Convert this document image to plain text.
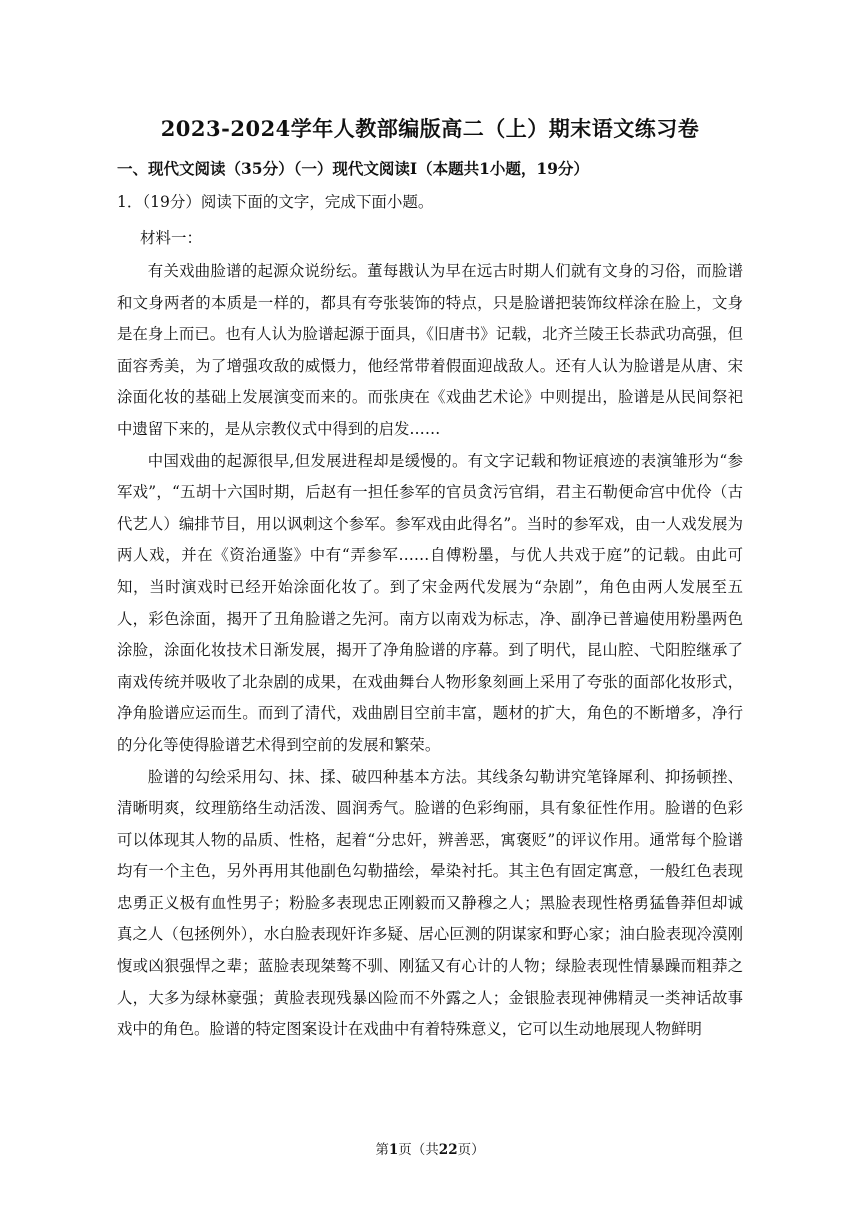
2023-2024学年人教部编版高二（上）期末语文练习卷
一、现代文阅读（35分）（一）现代文阅读Ⅰ（本题共1小题，19分）
1．（19分）阅读下面的文字，完成下面小题。
材料一：

有关戏曲脸谱的起源众说纷纭。董每戡认为早在远古时期人们就有文身的习俗，而脸谱和文身两者的本质是一样的，都具有夸张装饰的特点，只是脸谱把装饰纹样涂在脸上，文身是在身上而已。也有人认为脸谱起源于面具，《旧唐书》记载，北齐兰陵王长恭武功高强，但面容秀美，为了增强攻敌的威慑力，他经常带着假面迎战敌人。还有人认为脸谱是从唐、宋涂面化妆的基础上发展演变而来的。而张庚在《戏曲艺术论》中则提出，脸谱是从民间祭祀中遗留下来的，是从宗教仪式中得到的启发……

中国戏曲的起源很早,但发展进程却是缓慢的。有文字记载和物证痕迹的表演雏形为“参军戏”，“五胡十六国时期，后赵有一担任参军的官员贪污官绢，君主石勒便命宫中优伶（古代艺人）编排节目，用以讽刺这个参军。参军戏由此得名”。当时的参军戏，由一人戏发展为两人戏，并在《资治通鉴》中有“弄参军……自傅粉墨，与优人共戏于庭”的记载。由此可知，当时演戏时已经开始涂面化妆了。到了宋金两代发展为“杂剧”，角色由两人发展至五人，彩色涂面，揭开了丑角脸谱之先河。南方以南戏为标志，净、副净已普遍使用粉墨两色涂脸，涂面化妆技术日渐发展，揭开了净角脸谱的序幕。到了明代，昆山腔、弋阳腔继承了南戏传统并吸收了北杂剧的成果，在戏曲舞台人物形象刻画上采用了夸张的面部化妆形式，净角脸谱应运而生。而到了清代，戏曲剧目空前丰富，题材的扩大，角色的不断增多，净行的分化等使得脸谱艺术得到空前的发展和繁荣。

脸谱的勾绘采用勾、抹、揉、破四种基本方法。其线条勾勒讲究笔锋犀利、抑扬顿挫、清晰明爽，纹理筋络生动活泼、圆润秀气。脸谱的色彩绚丽，具有象征性作用。脸谱的色彩可以体现其人物的品质、性格，起着“分忠奸，辨善恶，寓褒贬”的评议作用。通常每个脸谱均有一个主色，另外再用其他副色勾勒描绘，晕染衬托。其主色有固定寓意，一般红色表现忠勇正义极有血性男子；粉脸多表现忠正刚毅而又静穆之人；黑脸表现性格勇猛鲁莽但却诚真之人（包拯例外），水白脸表现奸诈多疑、居心叵测的阴谋家和野心家；油白脸表现冷漠刚愎或凶狠强悍之辈；蓝脸表现桀骜不驯、刚猛又有心计的人物；绿脸表现性情暴躁而粗莽之人，大多为绿林豪强；黄脸表现残暴凶险而不外露之人；金银脸表现神佛精灵一类神话故事戏中的角色。脸谱的特定图案设计在戏曲中有着特殊意义，它可以生动地展现人物鲜明

第1页（共22页）
